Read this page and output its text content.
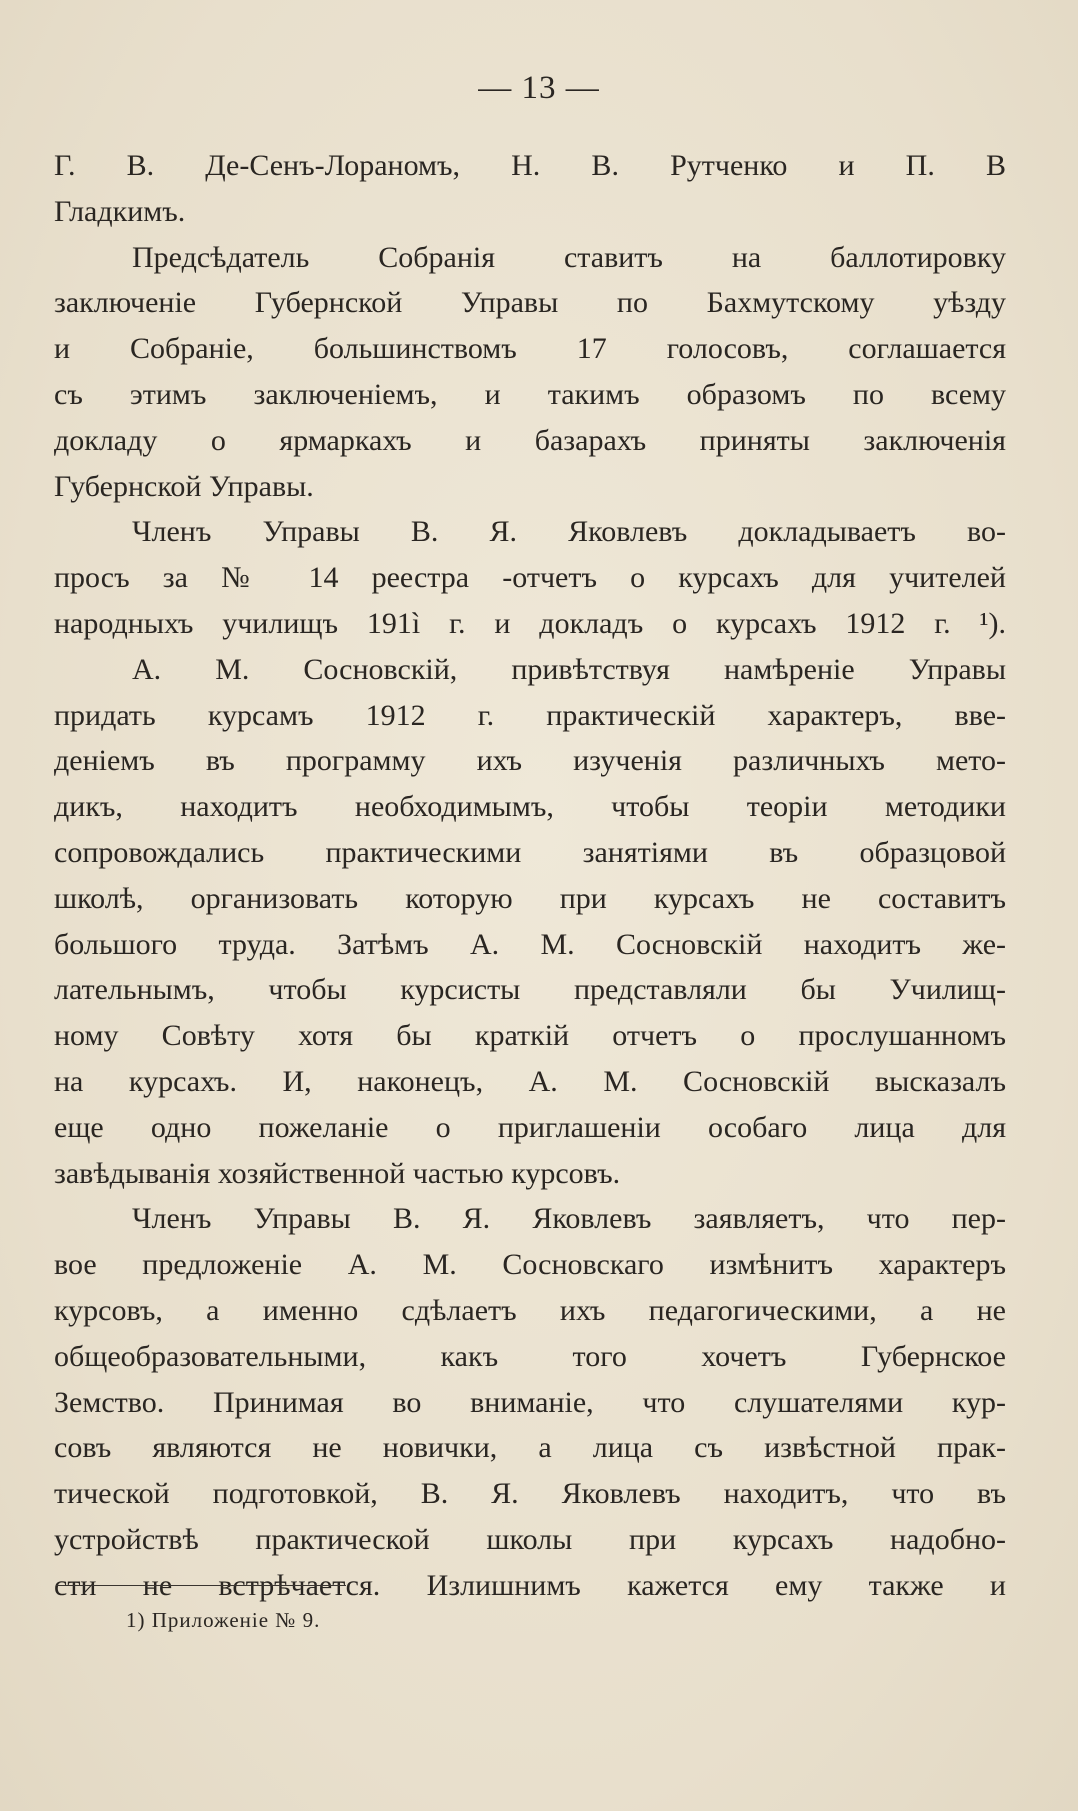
— 13 —
Г. В. Де-Сенъ-Лораномъ, Н. В. Рутченко и П. В
Гладкимъ.
Предсѣдатель Собранія ставитъ на баллотировку
заключеніе Губернской Управы по Бахмутскому уѣзду
и Собраніе, большинствомъ 17 голосовъ, соглашается
съ этимъ заключеніемъ, и такимъ образомъ по всему
докладу о ярмаркахъ и базарахъ приняты заключенія
Губернской Управы.
Членъ Управы В. Я. Яковлевъ докладываетъ во-
просъ за № 14 реестра -отчетъ о курсахъ для учителей
народныхъ училищъ 191ì г. и докладъ о курсахъ 1912 г. ¹).
А. М. Сосновскій, привѣтствуя намѣреніе Управы
придать курсамъ 1912 г. практическій характеръ, вве-
деніемъ въ программу ихъ изученія различныхъ мето-
дикъ, находитъ необходимымъ, чтобы теоріи методики
сопровождались практическими занятіями въ образцовой
школѣ, организовать которую при курсахъ не составитъ
большого труда. Затѣмъ А. М. Сосновскій находитъ же-
лательнымъ, чтобы курсисты представляли бы Училищ-
ному Совѣту хотя бы краткій отчетъ о прослушанномъ
на курсахъ. И, наконецъ, А. М. Сосновскій высказалъ
еще одно пожеланіе о приглашеніи особаго лица для
завѣдыванія хозяйственной частью курсовъ.
Членъ Управы В. Я. Яковлевъ заявляетъ, что пер-
вое предложеніе А. М. Сосновскаго измѣнитъ характеръ
курсовъ, а именно сдѣлаетъ ихъ педагогическими, а не
общеобразовательными, какъ того хочетъ Губернское
Земство. Принимая во вниманіе, что слушателями кур-
совъ являются не новички, а лица съ извѣстной прак-
тической подготовкой, В. Я. Яковлевъ находитъ, что въ
устройствѣ практической школы при курсахъ надобно-
сти не встрѣчается. Излишнимъ кажется ему также и
1) Приложеніе № 9.
